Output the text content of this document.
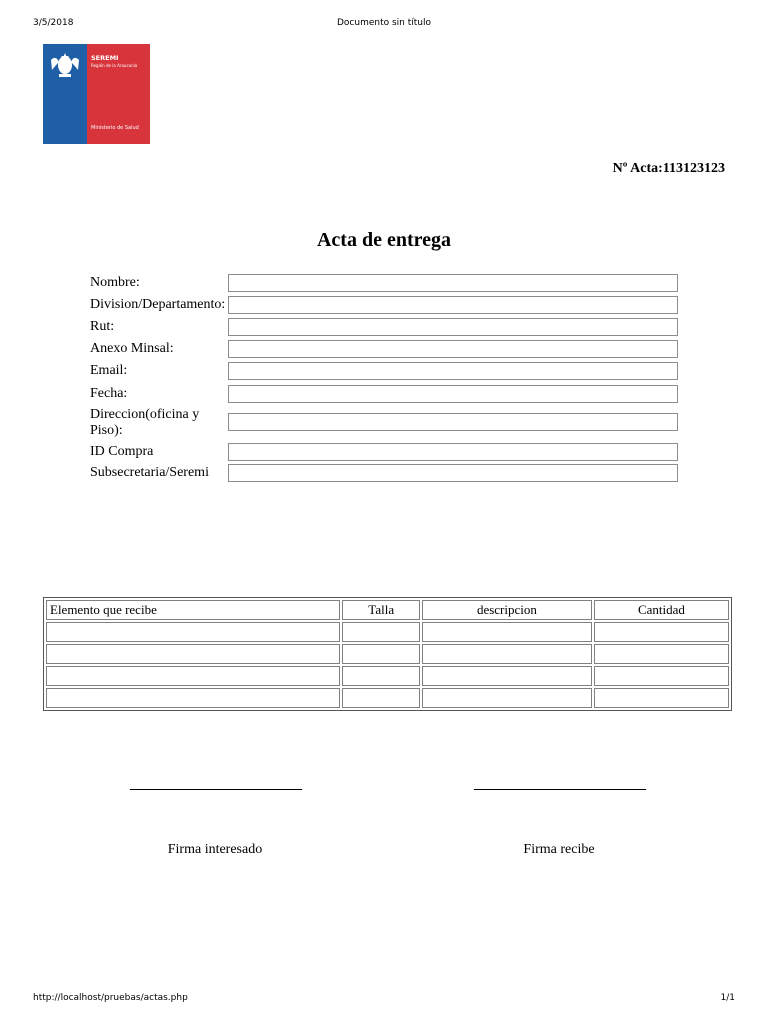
3/5/2018	Documento sin título
SEREMI
Región de la Araucanía
Ministerio de Salud
Nº Acta:113123123
Acta de entrega
Nombre:
Division/Departamento:
Rut:
Anexo Minsal:
Email:
Fecha:
Direccion(oficina y Piso):
ID Compra
Subsecretaria/Seremi
Elemento que recibe	Talla	descripcion	Cantidad

Firma interesado	Firma recibe
http://localhost/pruebas/actas.php	1/1
